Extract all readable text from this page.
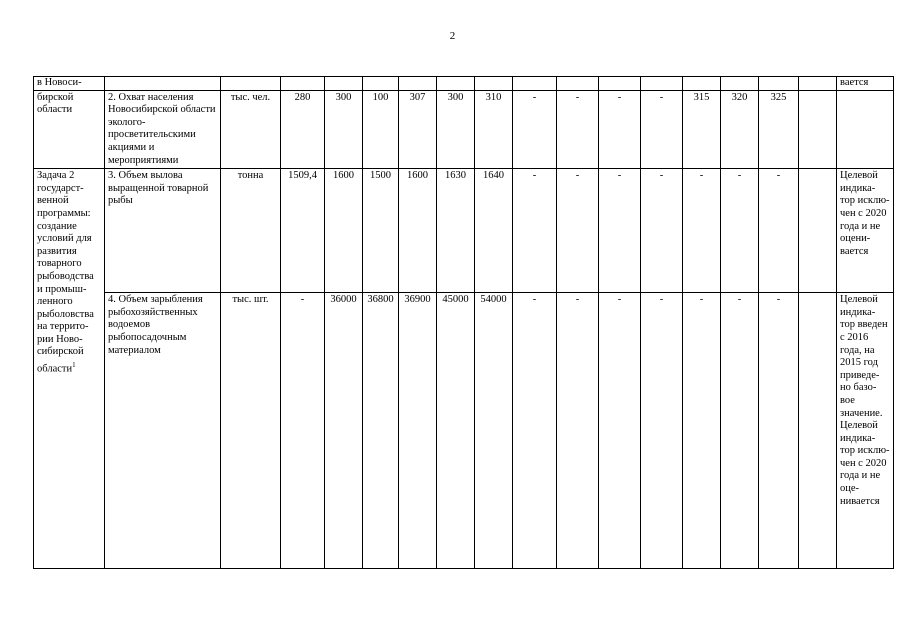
2
в Новоси-																	вается
бирской области	2. Охват населения Новосибирской области эколого-просветительскими акциями и мероприятиями	тыс. чел.	280	300	100	307	300	310	-	-	-	-	315	320	325		
Задача 2 государст-венной программы: создание условий для развития товарного рыбоводства и промыш-ленного рыболовства на террито-рии Ново-сибирской области$^1$	3. Объем вылова выращенной товарной рыбы	тонна	1509,4	1600	1500	1600	1630	1640	-	-	-	-	-	-	-		Целевой индика-тор исклю-чен с 2020 года и не оцени-вается
	4. Объем зарыбления рыбохозяйственных водоемов рыбопосадочным материалом	тыс. шт.	-	36000	36800	36900	45000	54000	-	-	-	-	-	-	-		Целевой индика-тор введен с 2016 года, на 2015 год приведе-но базо-вое значение. Целевой индика-тор исклю-чен с 2020 года и не оце-нивается
